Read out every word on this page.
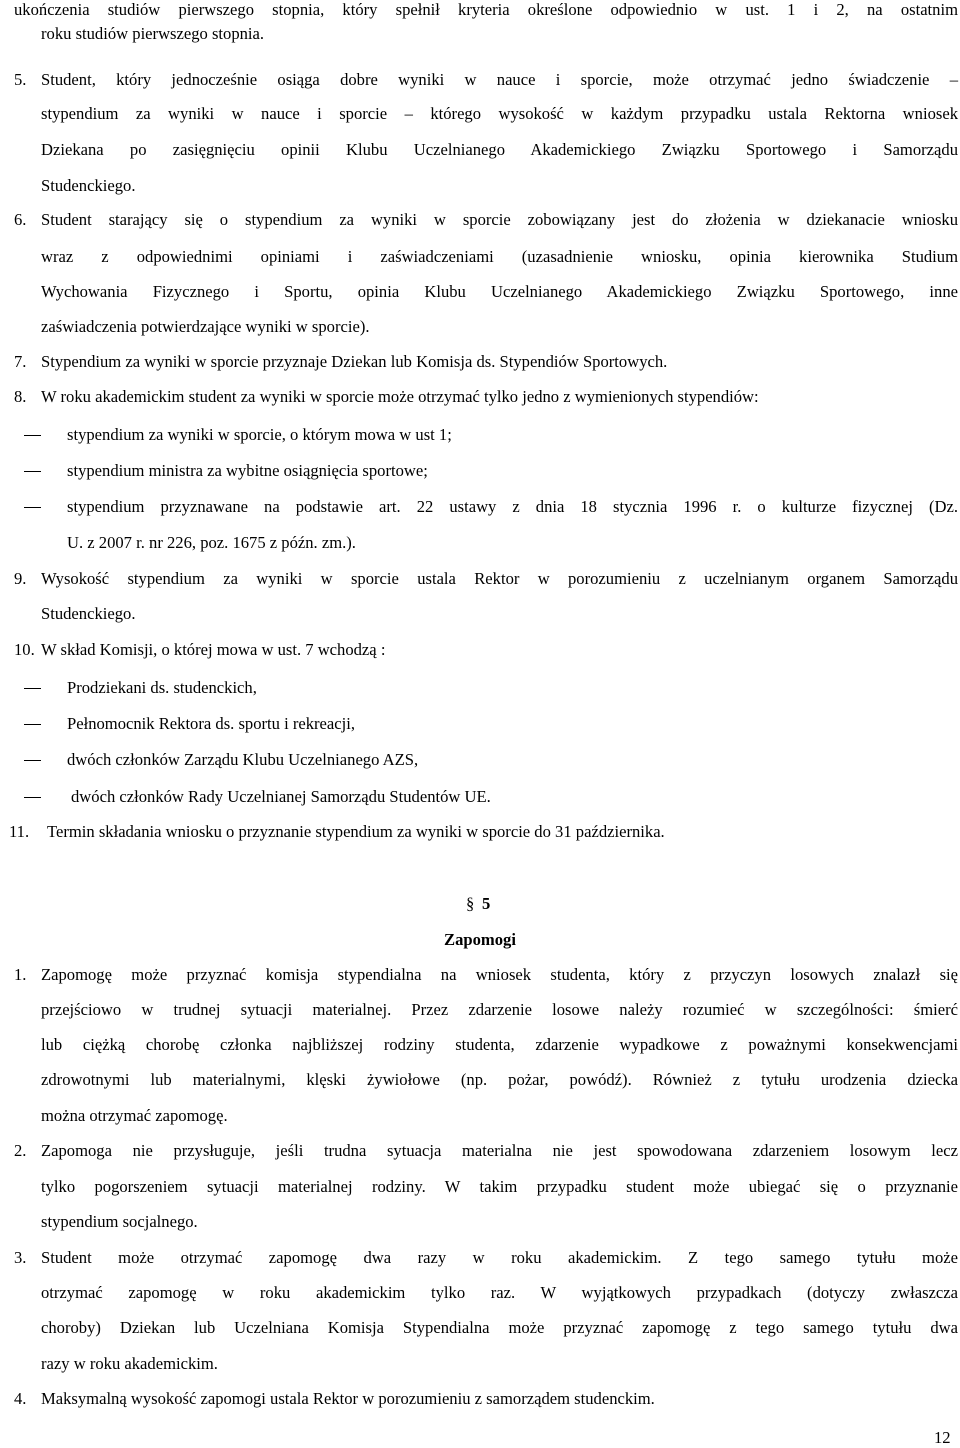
ukończenia studiów pierwszego stopnia, który spełnił kryteria określone odpowiednio w ust. 1 i 2, na ostatnim
roku studiów pierwszego stopnia.
5. Student, który jednocześnie osiąga dobre wyniki w nauce i sporcie, może otrzymać jedno świadczenie –
stypendium za wyniki w nauce i sporcie – którego wysokość w każdym przypadku ustala Rektorna wniosek
Dziekana po zasięgnięciu opinii Klubu Uczelnianego Akademickiego Związku Sportowego i Samorządu
Studenckiego.
6. Student starający się o stypendium za wyniki w sporcie zobowiązany jest do złożenia w dziekanacie wniosku
wraz z odpowiednimi opiniami i zaświadczeniami (uzasadnienie wniosku, opinia kierownika Studium
Wychowania Fizycznego i Sportu, opinia Klubu Uczelnianego Akademickiego Związku Sportowego, inne
zaświadczenia potwierdzające wyniki w sporcie).
7. Stypendium za wyniki w sporcie przyznaje Dziekan lub Komisja ds. Stypendiów Sportowych.
8. W roku akademickim student za wyniki w sporcie może otrzymać tylko jedno z wymienionych stypendiów:
stypendium za wyniki w sporcie, o którym mowa w ust 1;
stypendium ministra za wybitne osiągnięcia sportowe;
stypendium przyznawane na podstawie art. 22 ustawy z dnia 18 stycznia 1996 r. o kulturze fizycznej (Dz.
U. z 2007 r. nr 226, poz. 1675 z późn. zm.).
9. Wysokość stypendium za wyniki w sporcie ustala Rektor w porozumieniu z uczelnianym organem Samorządu
Studenckiego.
10. W skład Komisji, o której mowa w ust. 7 wchodzą :
Prodziekani ds. studenckich,
Pełnomocnik Rektora ds. sportu i rekreacji,
dwóch członków Zarządu Klubu Uczelnianego AZS,
dwóch członków Rady Uczelnianej Samorządu Studentów UE.
11. Termin składania wniosku o przyznanie stypendium za wyniki w sporcie do 31 października.
§ 5
Zapomogi
1. Zapomogę może przyznać komisja stypendialna na wniosek studenta, który z przyczyn losowych znalazł się
przejściowo w trudnej sytuacji materialnej. Przez zdarzenie losowe należy rozumieć w szczególności: śmierć
lub ciężką chorobę członka najbliższej rodziny studenta, zdarzenie wypadkowe z poważnymi konsekwencjami
zdrowotnymi lub materialnymi, klęski żywiołowe (np. pożar, powódź). Również z tytułu urodzenia dziecka
można otrzymać zapomogę.
2. Zapomoga nie przysługuje, jeśli trudna sytuacja materialna nie jest spowodowana zdarzeniem losowym lecz
tylko pogorszeniem sytuacji materialnej rodziny. W takim przypadku student może ubiegać się o przyznanie
stypendium socjalnego.
3. Student może otrzymać zapomogę dwa razy w roku akademickim. Z tego samego tytułu może
otrzymać zapomogę w roku akademickim tylko raz. W wyjątkowych przypadkach (dotyczy zwłaszcza
choroby) Dziekan lub Uczelniana Komisja Stypendialna może przyznać zapomogę z tego samego tytułu dwa
razy w roku akademickim.
4. Maksymalną wysokość zapomogi ustala Rektor w porozumieniu z samorządem studenckim.
12
